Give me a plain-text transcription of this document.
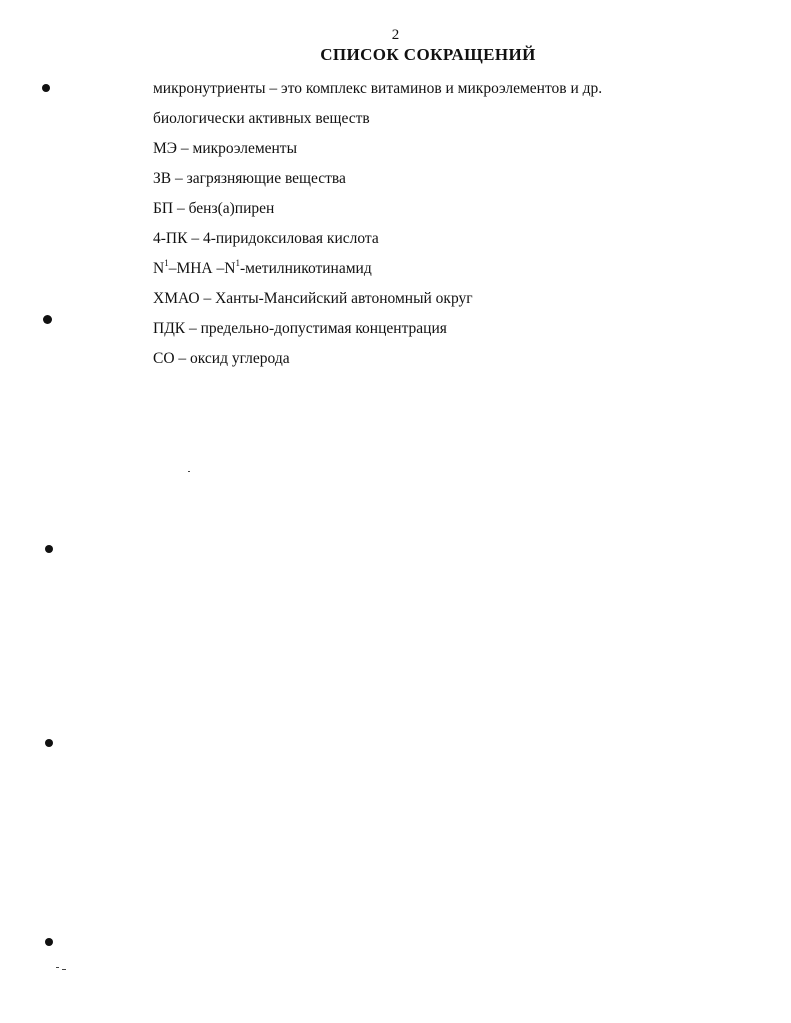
2
СПИСОК СОКРАЩЕНИЙ
микронутриенты – это комплекс витаминов и микроэлементов и др.
биологически активных веществ
МЭ – микроэлементы
ЗВ – загрязняющие вещества
БП – бенз(а)пирен
4-ПК – 4-пиридоксиловая кислота
$N^1$–МНА $-N^1$-метилникотинамид
ХМАО – Ханты-Мансийский автономный округ
ПДК – предельно-допустимая концентрация
СО – оксид углерода
